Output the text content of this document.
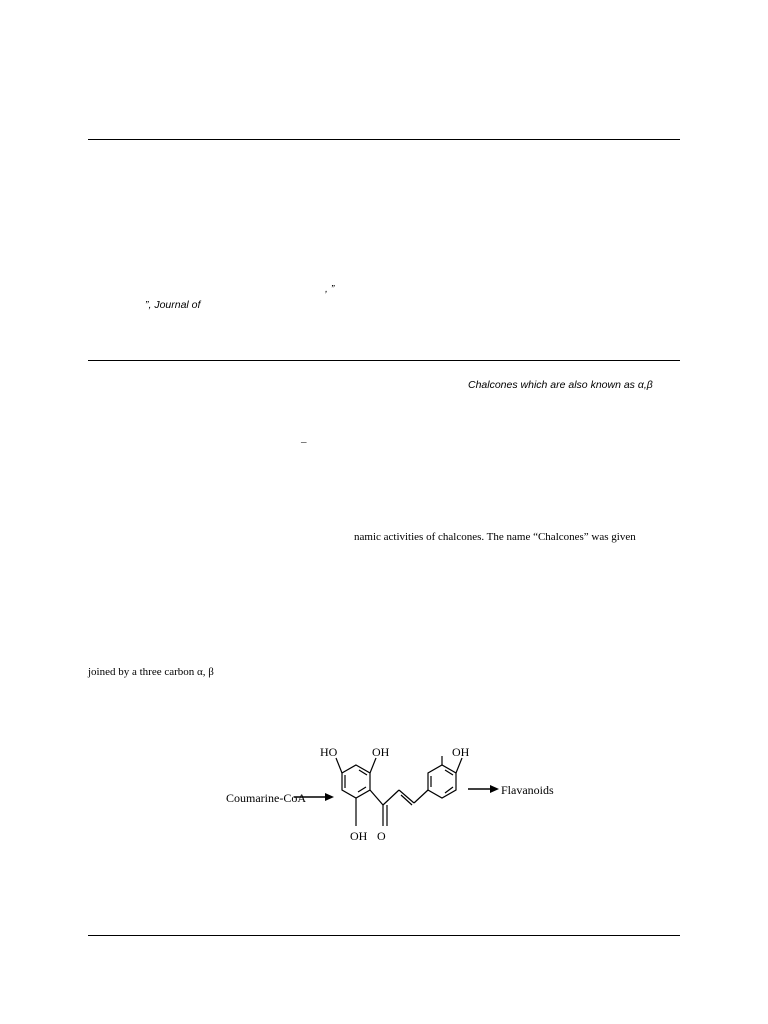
, ”
”, Journal of
Chalcones which are also known as α,β
–
namic activities of chalcones. The name “Chalcones” was given
joined by a three carbon α, β
Coumarine-CoA
HO	OH
OH O
OH
Flavanoids
